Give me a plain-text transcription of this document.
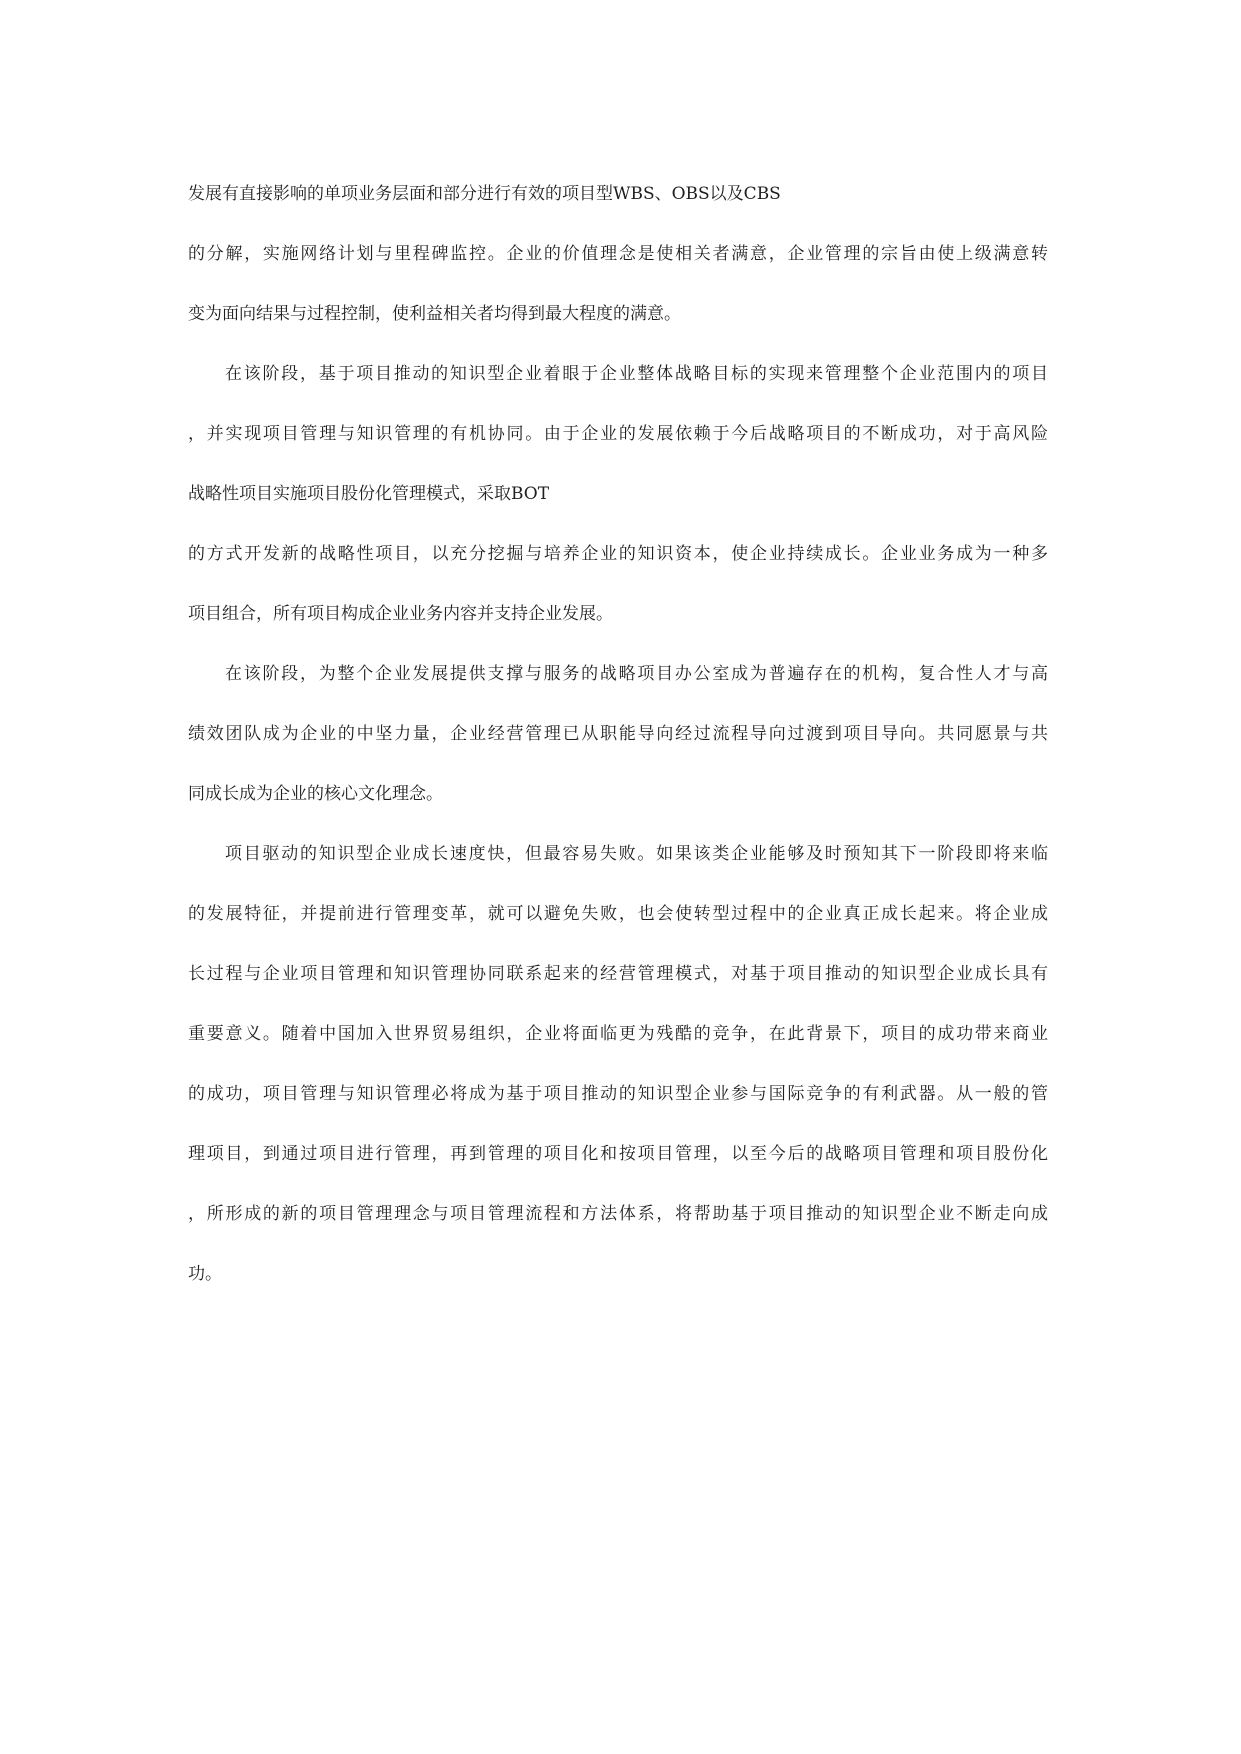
发展有直接影响的单项业务层面和部分进行有效的项目型WBS、OBS以及CBS
的分解，实施网络计划与里程碑监控。企业的价值理念是使相关者满意，企业管理的宗旨由使上级满意转
变为面向结果与过程控制，使利益相关者均得到最大程度的满意。
在该阶段，基于项目推动的知识型企业着眼于企业整体战略目标的实现来管理整个企业范围内的项目
，并实现项目管理与知识管理的有机协同。由于企业的发展依赖于今后战略项目的不断成功，对于高风险
战略性项目实施项目股份化管理模式，采取BOT
的方式开发新的战略性项目，以充分挖掘与培养企业的知识资本，使企业持续成长。企业业务成为一种多
项目组合，所有项目构成企业业务内容并支持企业发展。
在该阶段，为整个企业发展提供支撑与服务的战略项目办公室成为普遍存在的机构，复合性人才与高
绩效团队成为企业的中坚力量，企业经营管理已从职能导向经过流程导向过渡到项目导向。共同愿景与共
同成长成为企业的核心文化理念。
项目驱动的知识型企业成长速度快，但最容易失败。如果该类企业能够及时预知其下一阶段即将来临
的发展特征，并提前进行管理变革，就可以避免失败，也会使转型过程中的企业真正成长起来。将企业成
长过程与企业项目管理和知识管理协同联系起来的经营管理模式，对基于项目推动的知识型企业成长具有
重要意义。随着中国加入世界贸易组织，企业将面临更为残酷的竞争，在此背景下，项目的成功带来商业
的成功，项目管理与知识管理必将成为基于项目推动的知识型企业参与国际竞争的有利武器。从一般的管
理项目，到通过项目进行管理，再到管理的项目化和按项目管理，以至今后的战略项目管理和项目股份化
，所形成的新的项目管理理念与项目管理流程和方法体系，将帮助基于项目推动的知识型企业不断走向成
功。
